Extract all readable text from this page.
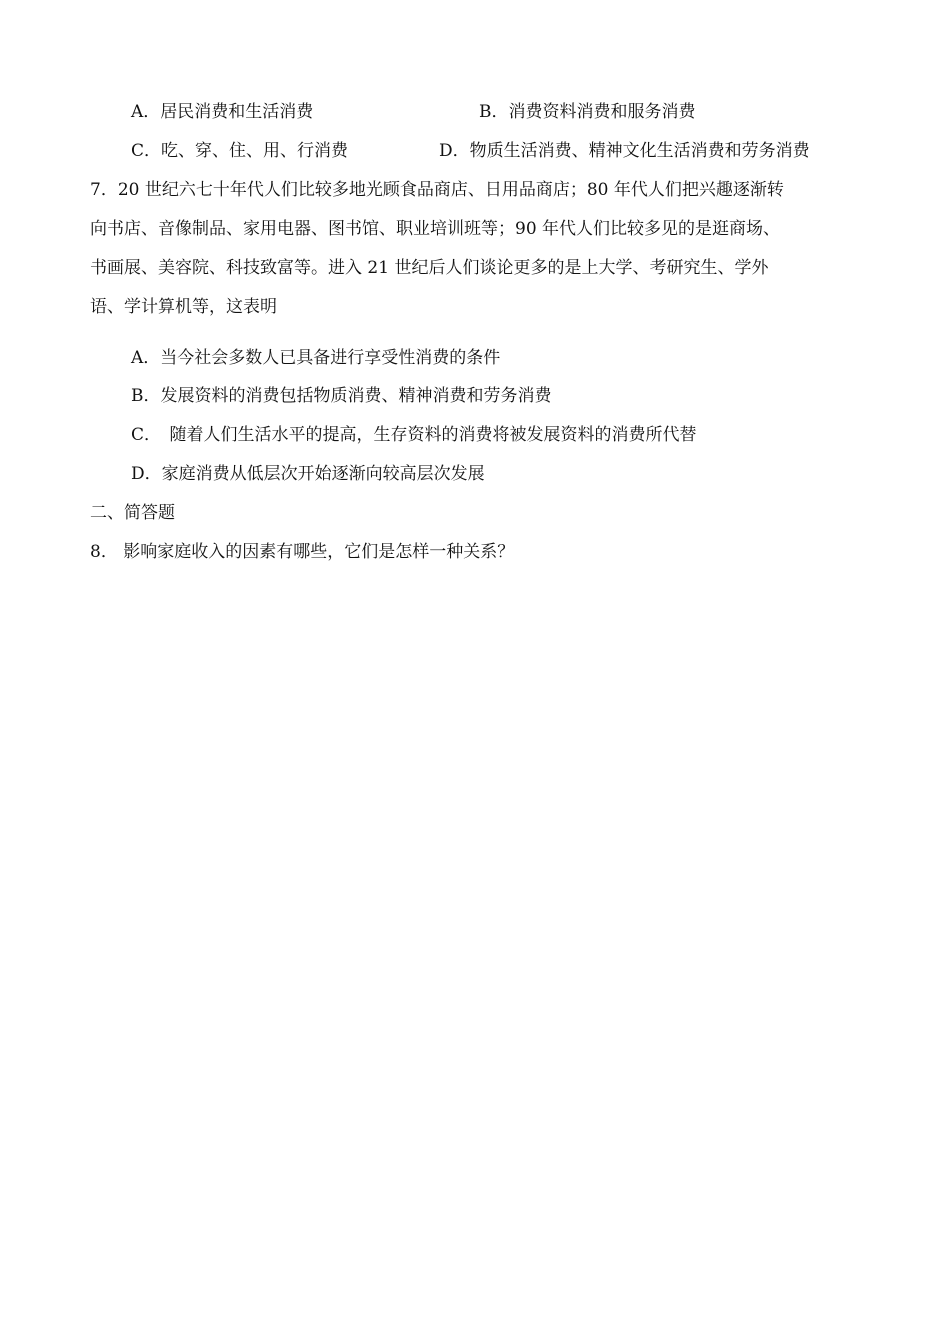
A．居民消费和生活消费	B．消费资料消费和服务消费
C．吃、穿、住、用、行消费	D．物质生活消费、精神文化生活消费和劳务消费
7．20 世纪六七十年代人们比较多地光顾食品商店、日用品商店；80 年代人们把兴趣逐渐转
向书店、音像制品、家用电器、图书馆、职业培训班等；90 年代人们比较多见的是逛商场、
书画展、美容院、科技致富等。进入 21 世纪后人们谈论更多的是上大学、考研究生、学外
语、学计算机等，这表明
A．当今社会多数人已具备进行享受性消费的条件
B．发展资料的消费包括物质消费、精神消费和劳务消费
C．　随着人们生活水平的提高，生存资料的消费将被发展资料的消费所代替
D．家庭消费从低层次开始逐渐向较高层次发展
二、简答题
8． 影响家庭收入的因素有哪些，它们是怎样一种关系？
